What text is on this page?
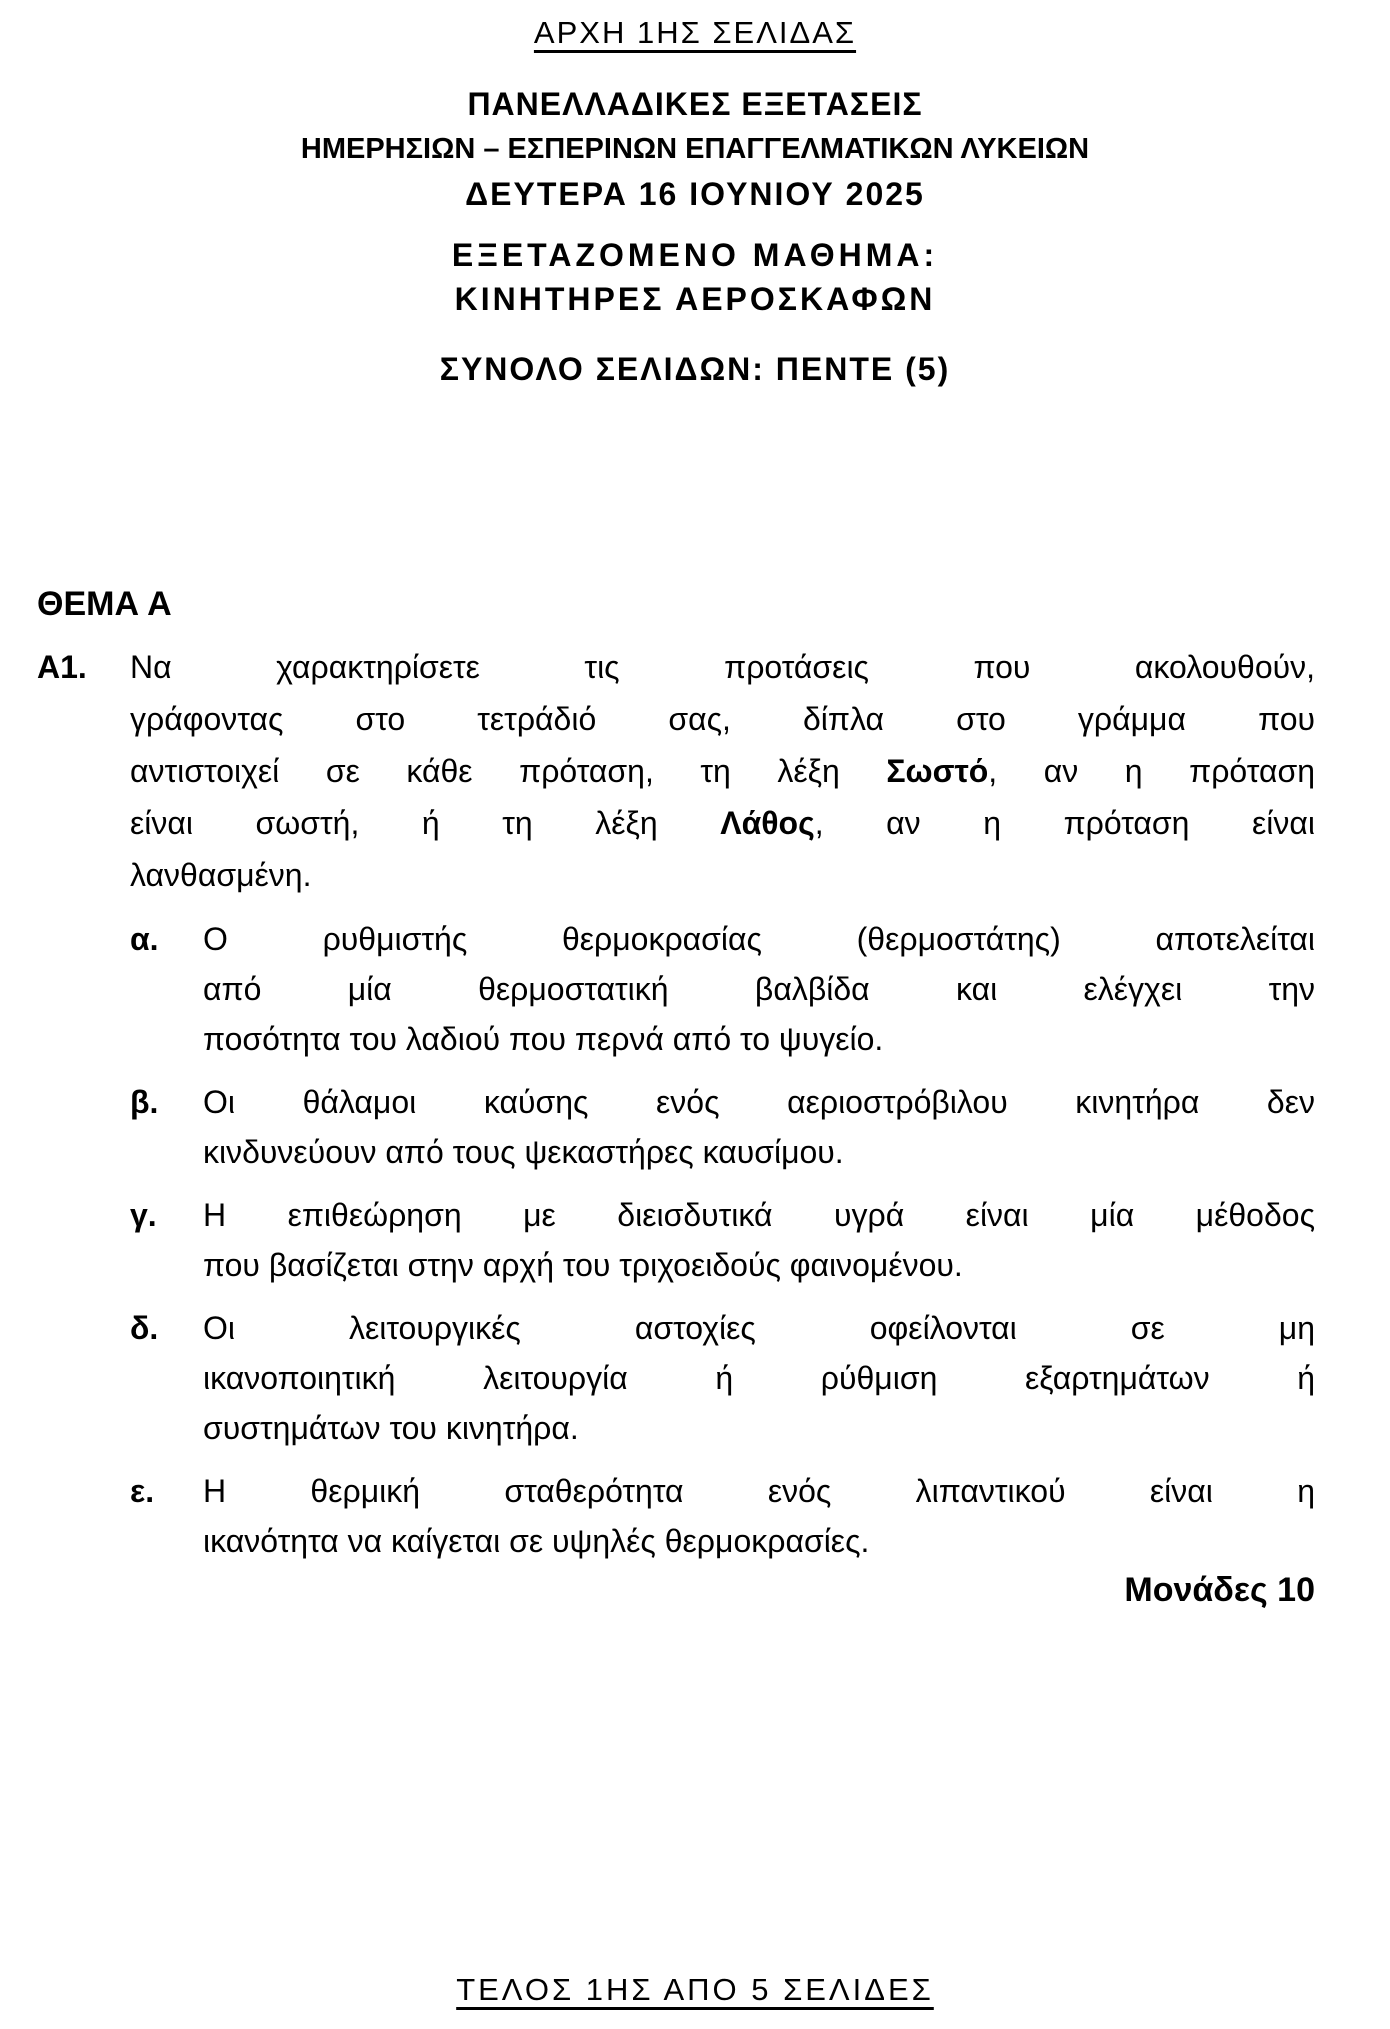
ΑΡΧΗ 1ΗΣ ΣΕΛΙΔΑΣ
ΠΑΝΕΛΛΑΔΙΚΕΣ ΕΞΕΤΑΣΕΙΣ
ΗΜΕΡΗΣΙΩΝ – ΕΣΠΕΡΙΝΩΝ ΕΠΑΓΓΕΛΜΑΤΙΚΩΝ ΛΥΚΕΙΩΝ
ΔΕΥΤΕΡΑ 16 ΙΟΥΝΙΟΥ 2025
ΕΞΕΤΑΖΟΜΕΝΟ ΜΑΘΗΜΑ:
ΚΙΝΗΤΗΡΕΣ ΑΕΡΟΣΚΑΦΩΝ
ΣΥΝΟΛΟ ΣΕΛΙΔΩΝ: ΠΕΝΤΕ (5)
ΘΕΜΑ Α
Α1.	Να χαρακτηρίσετε τις προτάσεις που ακολουθούν,
γράφοντας στο τετράδιό σας, δίπλα στο γράμμα που
αντιστοιχεί σε κάθε πρόταση, τη λέξη Σωστό, αν η πρόταση
είναι σωστή, ή τη λέξη Λάθος, αν η πρόταση είναι
λανθασμένη.
α.	Ο ρυθμιστής θερμοκρασίας (θερμοστάτης) αποτελείται
από μία θερμοστατική βαλβίδα και ελέγχει την
ποσότητα του λαδιού που περνά από το ψυγείο.
β.	Οι θάλαμοι καύσης ενός αεριοστρόβιλου κινητήρα δεν
κινδυνεύουν από τους ψεκαστήρες καυσίμου.
γ.	Η επιθεώρηση με διεισδυτικά υγρά είναι μία μέθοδος
που βασίζεται στην αρχή του τριχοειδούς φαινομένου.
δ.	Οι λειτουργικές αστοχίες οφείλονται σε μη
ικανοποιητική λειτουργία ή ρύθμιση εξαρτημάτων ή
συστημάτων του κινητήρα.
ε.	Η θερμική σταθερότητα ενός λιπαντικού είναι η
ικανότητα να καίγεται σε υψηλές θερμοκρασίες.
Μονάδες 10
ΤΕΛΟΣ 1ΗΣ ΑΠΟ 5 ΣΕΛΙΔΕΣ
